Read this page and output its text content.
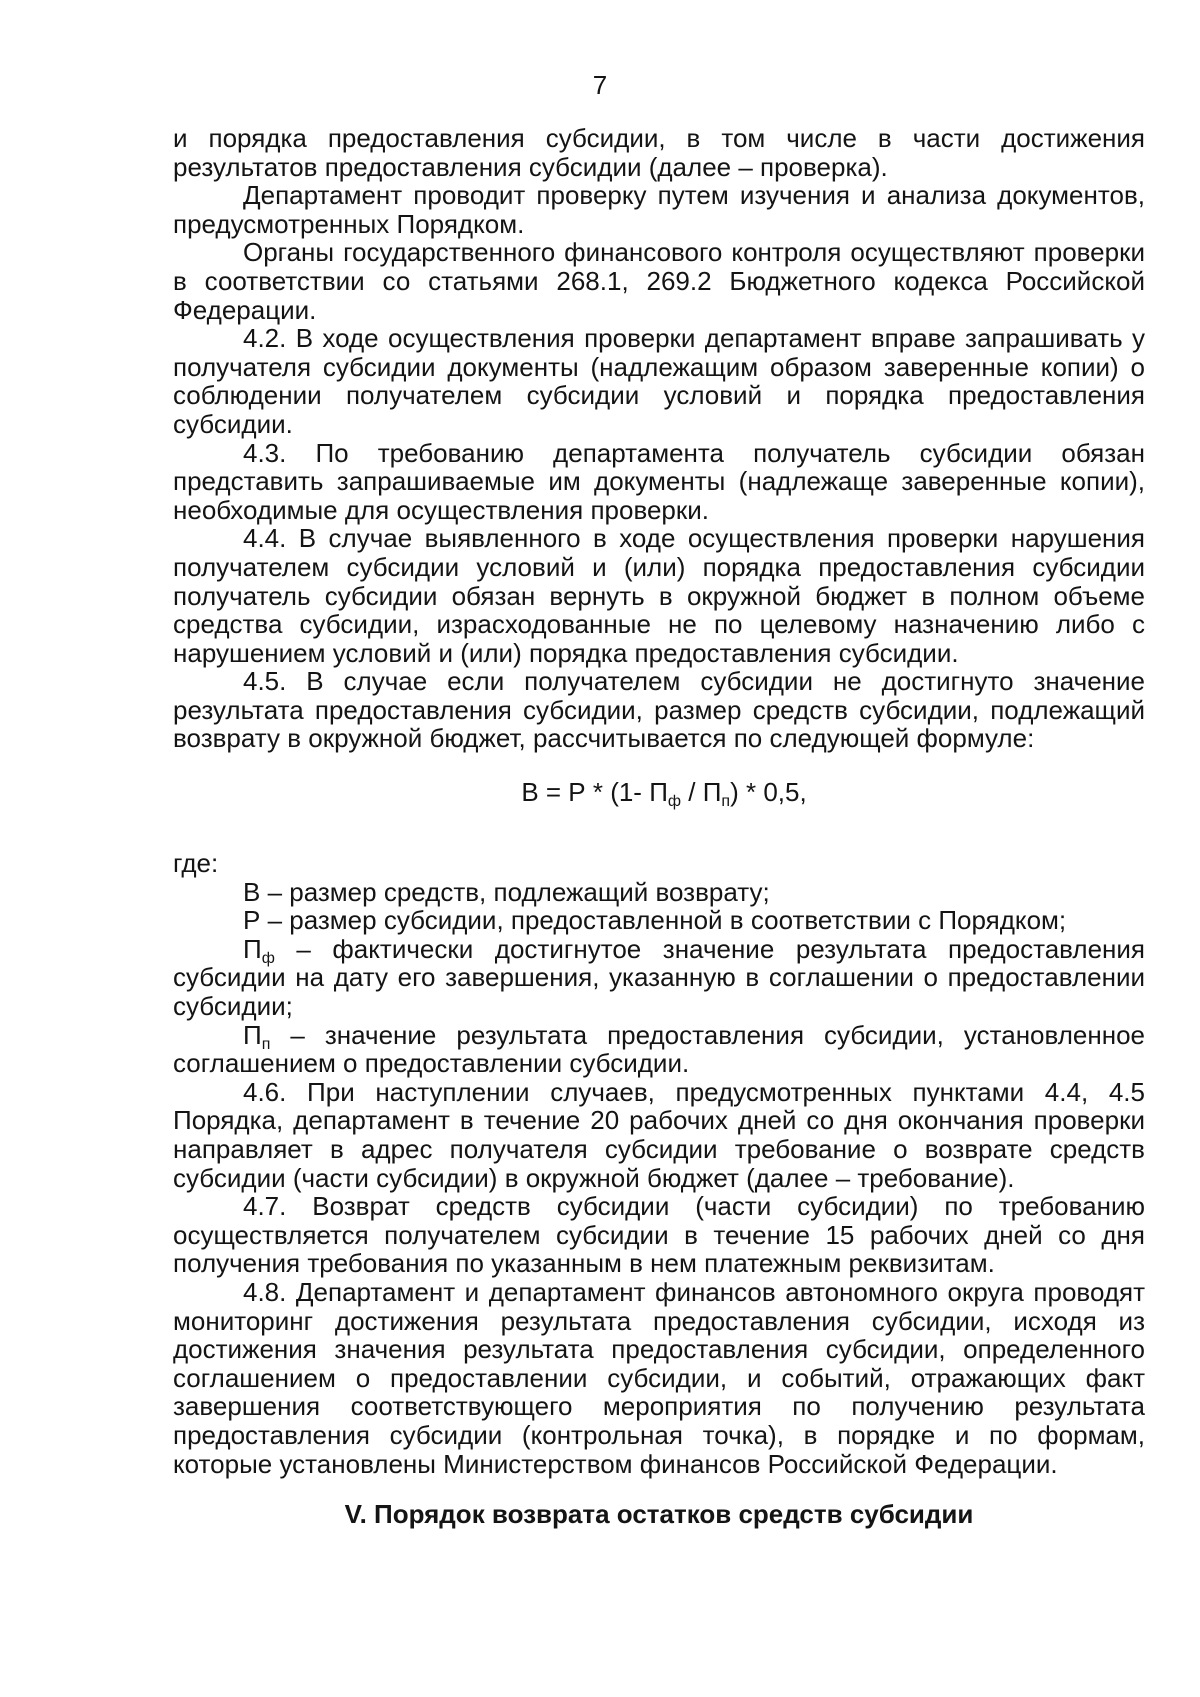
7

и порядка предоставления субсидии, в том числе в части достижения результатов предоставления субсидии (далее – проверка).

Департамент проводит проверку путем изучения и анализа документов, предусмотренных Порядком.

Органы государственного финансового контроля осуществляют проверки в соответствии со статьями 268.1, 269.2 Бюджетного кодекса Российской Федерации.

4.2. В ходе осуществления проверки департамент вправе запрашивать у получателя субсидии документы (надлежащим образом заверенные копии) о соблюдении получателем субсидии условий и порядка предоставления субсидии.

4.3. По требованию департамента получатель субсидии обязан представить запрашиваемые им документы (надлежаще заверенные копии), необходимые для осуществления проверки.

4.4. В случае выявленного в ходе осуществления проверки нарушения получателем субсидии условий и (или) порядка предоставления субсидии получатель субсидии обязан вернуть в окружной бюджет в полном объеме средства субсидии, израсходованные не по целевому назначению либо с нарушением условий и (или) порядка предоставления субсидии.

4.5. В случае если получателем субсидии не достигнуто значение результата предоставления субсидии, размер средств субсидии, подлежащий возврату в окружной бюджет, рассчитывается по следующей формуле:

В = Р * (1- $П_ф / П_п) * 0,5$,

где:

В – размер средств, подлежащий возврату;

Р – размер субсидии, предоставленной в соответствии с Порядком;

$П_ф$ – фактически достигнутое значение результата предоставления субсидии на дату его завершения, указанную в соглашении о предоставлении субсидии;

$П_п$ – значение результата предоставления субсидии, установленное соглашением о предоставлении субсидии.

4.6. При наступлении случаев, предусмотренных пунктами 4.4, 4.5 Порядка, департамент в течение 20 рабочих дней со дня окончания проверки направляет в адрес получателя субсидии требование о возврате средств субсидии (части субсидии) в окружной бюджет (далее – требование).

4.7. Возврат средств субсидии (части субсидии) по требованию осуществляется получателем субсидии в течение 15 рабочих дней со дня получения требования по указанным в нем платежным реквизитам.

4.8. Департамент и департамент финансов автономного округа проводят мониторинг достижения результата предоставления субсидии, исходя из достижения значения результата предоставления субсидии, определенного соглашением о предоставлении субсидии, и событий, отражающих факт завершения соответствующего мероприятия по получению результата предоставления субсидии (контрольная точка), в порядке и по формам, которые установлены Министерством финансов Российской Федерации.

V. Порядок возврата остатков средств субсидии
